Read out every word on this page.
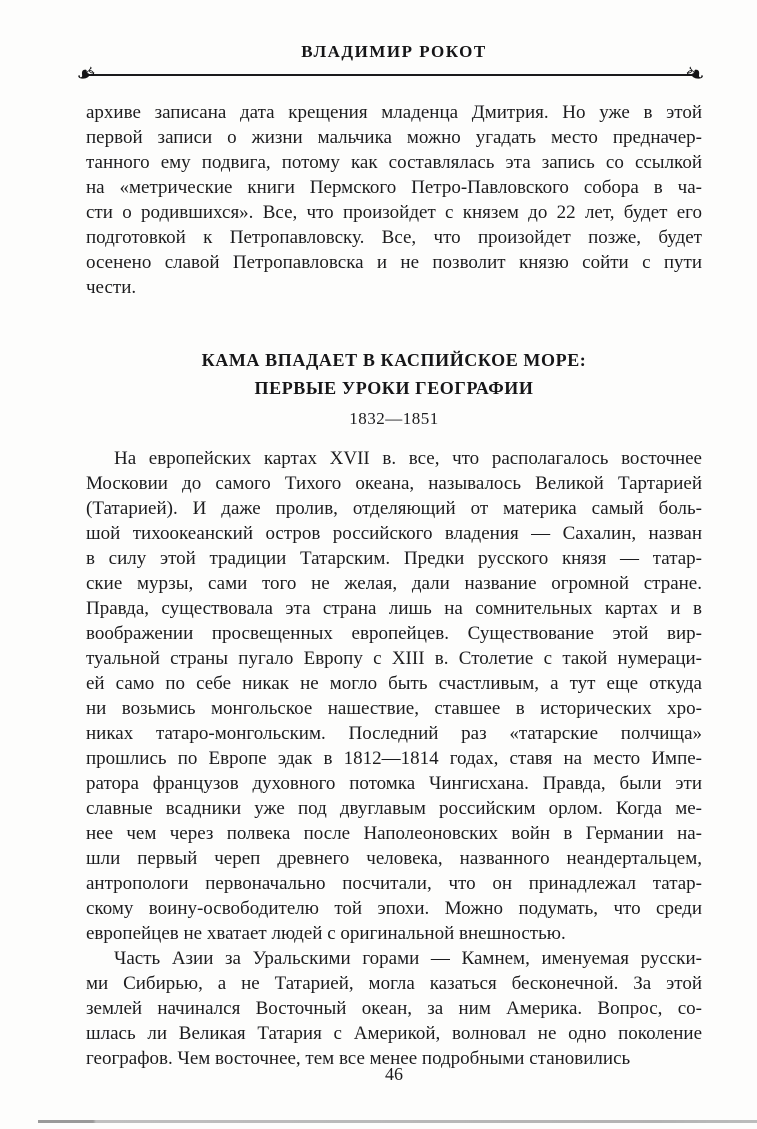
ВЛАДИМИР РОКОТ
❧	❧
архиве записана дата крещения младенца Дмитрия. Но уже в этой
первой записи о жизни мальчика можно угадать место предначер-
танного ему подвига, потому как составлялась эта запись со ссылкой
на «метрические книги Пермского Петро-Павловского собора в ча-
сти о родившихся». Все, что произойдет с князем до 22 лет, будет его
подготовкой к Петропавловску. Все, что произойдет позже, будет
осенено славой Петропавловска и не позволит князю сойти с пути
чести.
КАМА ВПАДАЕТ В КАСПИЙСКОЕ МОРЕ:
ПЕРВЫЕ УРОКИ ГЕОГРАФИИ
1832—1851
На европейских картах XVII в. все, что располагалось восточнее
Московии до самого Тихого океана, называлось Великой Тартарией
(Татарией). И даже пролив, отделяющий от материка самый боль-
шой тихоокеанский остров российского владения — Сахалин, назван
в силу этой традиции Татарским. Предки русского князя — татар-
ские мурзы, сами того не желая, дали название огромной стране.
Правда, существовала эта страна лишь на сомнительных картах и в
воображении просвещенных европейцев. Существование этой вир-
туальной страны пугало Европу с XIII в. Столетие с такой нумераци-
ей само по себе никак не могло быть счастливым, а тут еще откуда
ни возьмись монгольское нашествие, ставшее в исторических хро-
никах татаро-монгольским. Последний раз «татарские полчища»
прошлись по Европе эдак в 1812—1814 годах, ставя на место Импе-
ратора французов духовного потомка Чингисхана. Правда, были эти
славные всадники уже под двуглавым российским орлом. Когда ме-
нее чем через полвека после Наполеоновских войн в Германии на-
шли первый череп древнего человека, названного неандертальцем,
антропологи первоначально посчитали, что он принадлежал татар-
скому воину-освободителю той эпохи. Можно подумать, что среди
европейцев не хватает людей с оригинальной внешностью.
Часть Азии за Уральскими горами — Камнем, именуемая русски-
ми Сибирью, а не Татарией, могла казаться бесконечной. За этой
землей начинался Восточный океан, за ним Америка. Вопрос, со-
шлась ли Великая Татария с Америкой, волновал не одно поколение
географов. Чем восточнее, тем все менее подробными становились
46
